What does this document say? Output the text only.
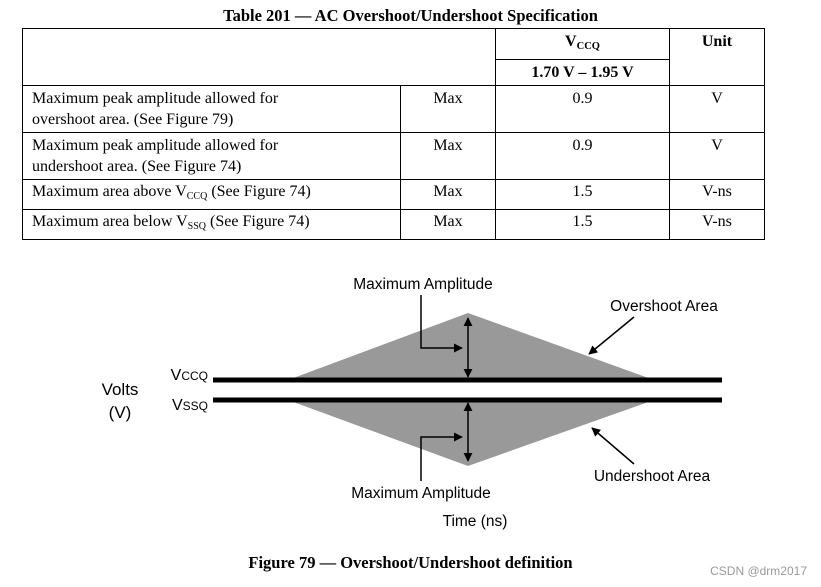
Table 201 — AC Overshoot/Undershoot Specification
		$V_{CCQ}$	Unit
		1.70 V – 1.95 V	
Maximum peak amplitude allowed for
overshoot area. (See Figure 79)	Max	0.9	V
Maximum peak amplitude allowed for
undershoot area. (See Figure 74)	Max	0.9	V
Maximum area above VCCQ (See Figure 74)	Max	1.5	V-ns
Maximum area below VSSQ (See Figure 74)	Max	1.5	V-ns
Maximum Amplitude
Maximum Amplitude
Overshoot Area
Undershoot Area
Volts
(V)
VCCQ
VSSQ
Time (ns)
Figure 79 — Overshoot/Undershoot definition	CSDN @drm2017
